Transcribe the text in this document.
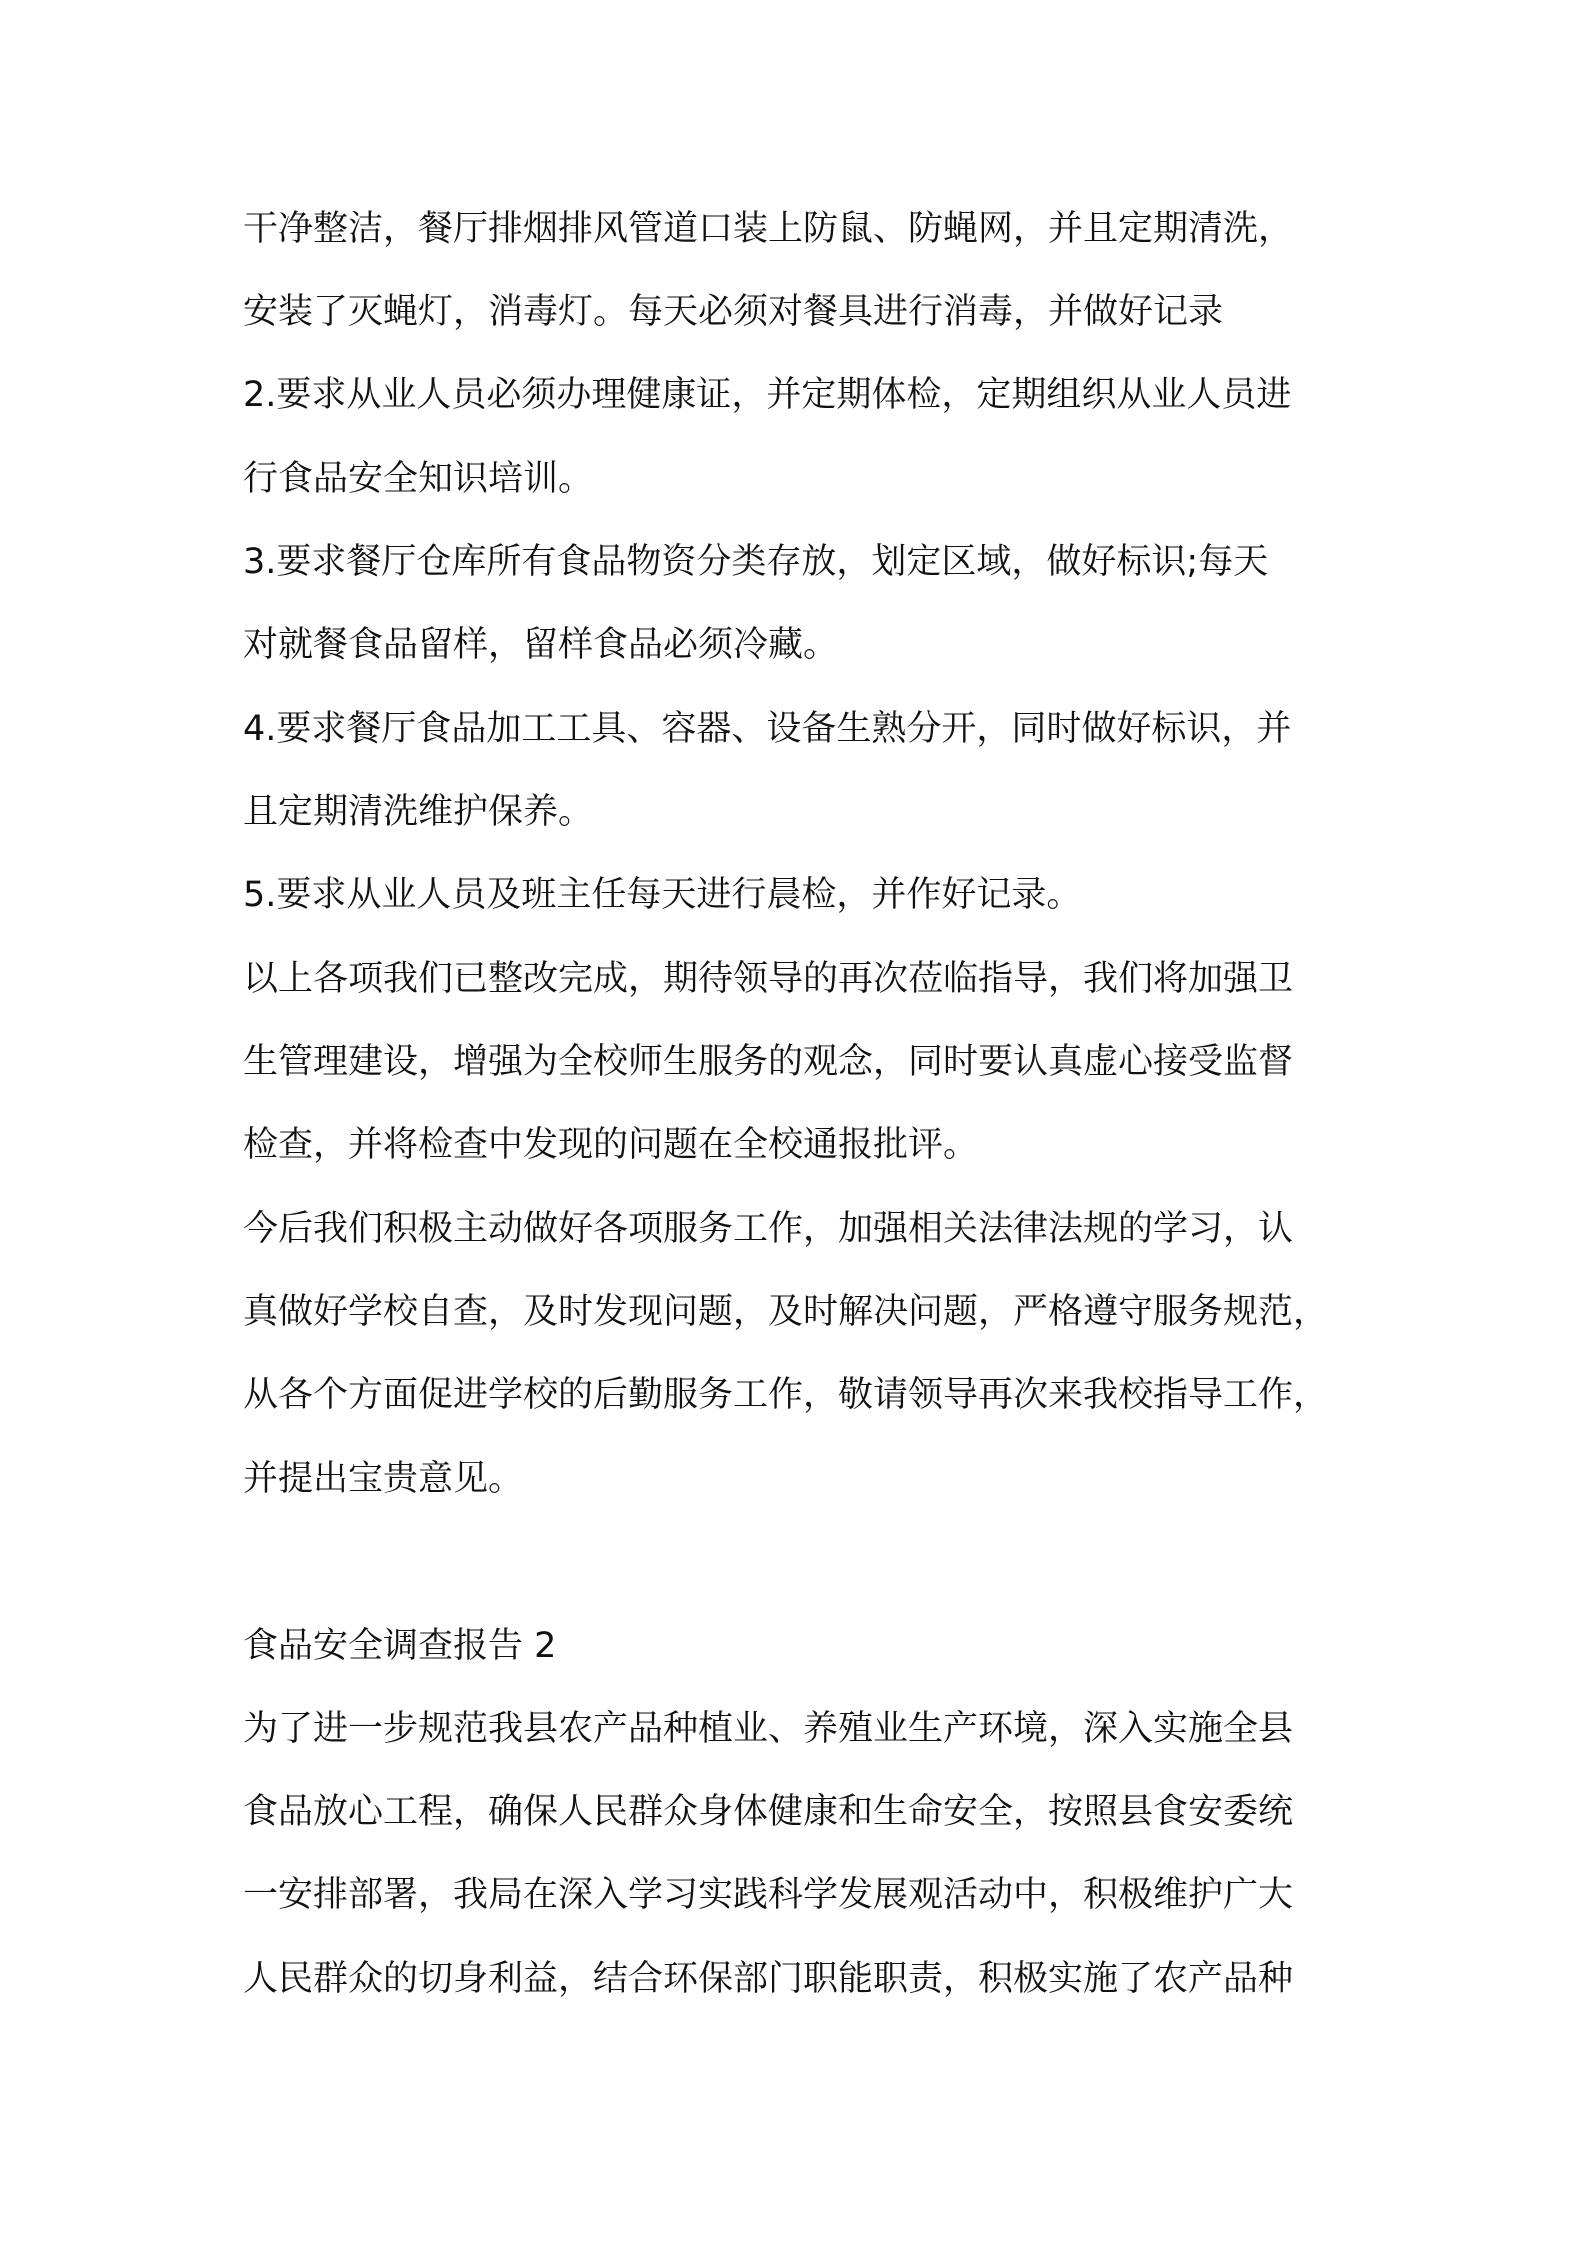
干净整洁，餐厅排烟排风管道口装上防鼠、防蝇网，并且定期清洗，
安装了灭蝇灯，消毒灯。每天必须对餐具进行消毒，并做好记录
2.要求从业人员必须办理健康证，并定期体检，定期组织从业人员进
行食品安全知识培训。
3.要求餐厅仓库所有食品物资分类存放，划定区域，做好标识;每天
对就餐食品留样，留样食品必须冷藏。
4.要求餐厅食品加工工具、容器、设备生熟分开，同时做好标识，并
且定期清洗维护保养。
5.要求从业人员及班主任每天进行晨检，并作好记录。
以上各项我们已整改完成，期待领导的再次莅临指导，我们将加强卫
生管理建设，增强为全校师生服务的观念，同时要认真虚心接受监督
检查，并将检查中发现的问题在全校通报批评。
今后我们积极主动做好各项服务工作，加强相关法律法规的学习，认
真做好学校自查，及时发现问题，及时解决问题，严格遵守服务规范，
从各个方面促进学校的后勤服务工作，敬请领导再次来我校指导工作，
并提出宝贵意见。
食品安全调查报告 2
为了进一步规范我县农产品种植业、养殖业生产环境，深入实施全县
食品放心工程，确保人民群众身体健康和生命安全，按照县食安委统
一安排部署，我局在深入学习实践科学发展观活动中，积极维护广大
人民群众的切身利益，结合环保部门职能职责，积极实施了农产品种
